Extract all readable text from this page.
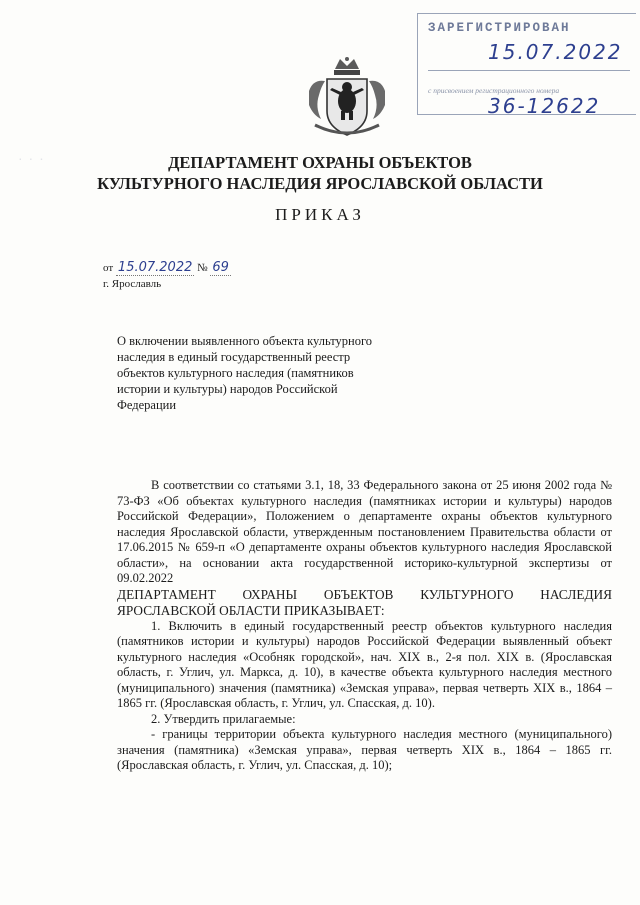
ЗАРЕГИСТРИРОВАН
15.07.2022
с присвоением регистрационного номера
36-12622
· · ·	ДЕПАРТАМЕНТ ОХРАНЫ ОБЪЕКТОВ
КУЛЬТУРНОГО НАСЛЕДИЯ ЯРОСЛАВСКОЙ ОБЛАСТИ
ПРИКАЗ
от 15.07.2022 № 69
г. Ярославль
О включении выявленного объекта культурного наследия в единый государственный реестр объектов культурного наследия (памятников истории и культуры) народов Российской Федерации

В соответствии со статьями 3.1, 18, 33 Федерального закона от 25 июня 2002 года № 73-ФЗ «Об объектах культурного наследия (памятниках истории и культуры) народов Российской Федерации», Положением о департаменте охраны объектов культурного наследия Ярославской области, утвержденным постановлением Правительства области от 17.06.2015 № 659-п «О департаменте охраны объектов культурного наследия Ярославской области», на основании акта государственной историко-культурной экспертизы от 09.02.2022

ДЕПАРТАМЕНТ ОХРАНЫ ОБЪЕКТОВ КУЛЬТУРНОГО НАСЛЕДИЯ ЯРОСЛАВСКОЙ ОБЛАСТИ ПРИКАЗЫВАЕТ:

1. Включить в единый государственный реестр объектов культурного наследия (памятников истории и культуры) народов Российской Федерации выявленный объект культурного наследия «Особняк городской», нач. XIX в., 2-я пол. XIX в. (Ярославская область, г. Углич, ул. Маркса, д. 10), в качестве объекта культурного наследия местного (муниципального) значения (памятника) «Земская управа», первая четверть XIX в., 1864 – 1865 гг. (Ярославская область, г. Углич, ул. Спасская, д. 10).

2. Утвердить прилагаемые:

- границы территории объекта культурного наследия местного (муниципального) значения (памятника) «Земская управа», первая четверть XIX в., 1864 – 1865 гг. (Ярославская область, г. Углич, ул. Спасская, д. 10);
